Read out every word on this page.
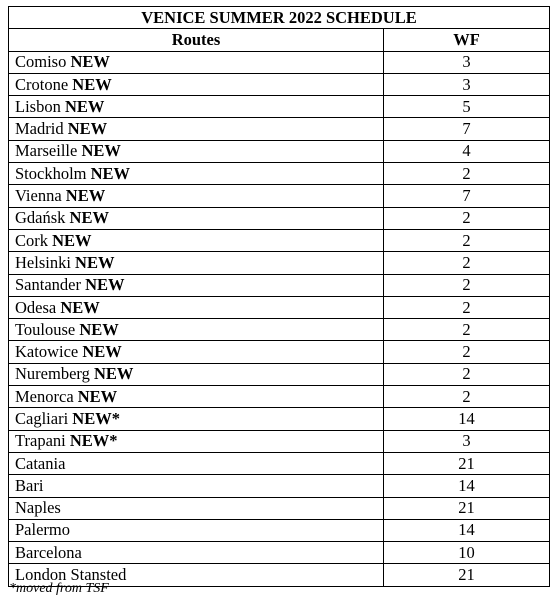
VENICE SUMMER 2022 SCHEDULE	
Routes	WF
Comiso NEW	3
Crotone NEW	3
Lisbon NEW	5
Madrid NEW	7
Marseille NEW	4
Stockholm NEW	2
Vienna NEW	7
Gdańsk NEW	2
Cork NEW	2
Helsinki NEW	2
Santander NEW	2
Odesa NEW	2
Toulouse NEW	2
Katowice NEW	2
Nuremberg NEW	2
Menorca NEW	2
Cagliari NEW*	14
Trapani NEW*	3
Catania	21
Bari	14
Naples	21
Palermo	14
Barcelona	10
London Stansted	21
*moved from TSF
